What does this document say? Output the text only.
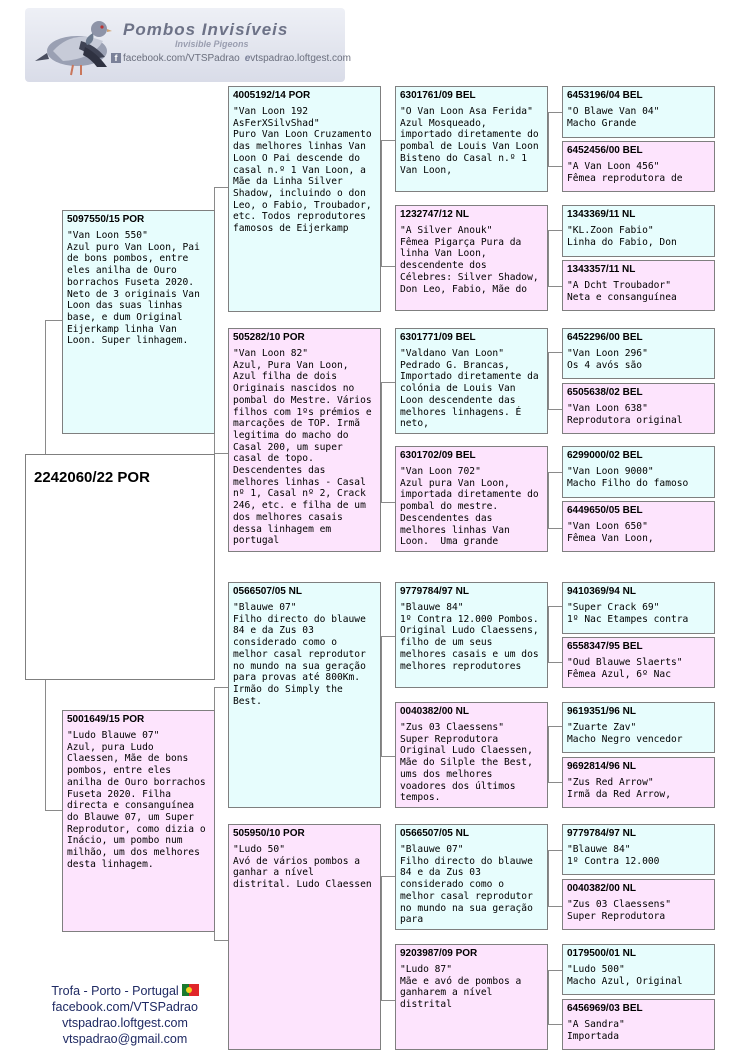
Pombos Invisíveis
Invisible Pigeons
f facebook.com/VTSPadrao evtspadrao.loftgest.com
2242060/22 POR
5097550/15 POR
"Van Loon 550"
Azul puro Van Loon, Pai de bons pombos, entre eles anilha de Ouro borrachos Fuseta 2020. Neto de 3 originais Van Loon das suas linhas base, e dum Original Eijerkamp linha Van Loon. Super linhagem.
5001649/15 POR
"Ludo Blauwe 07"
Azul, pura Ludo Claessen, Mãe de bons pombos, entre eles anilha de Ouro borrachos Fuseta 2020. Filha directa e consanguínea do Blauwe 07, um Super Reprodutor, como dizia o Inácio, um pombo num milhão, um dos melhores desta linhagem.
4005192/14 POR
"Van Loon 192 AsFerXSilvShad"
Puro Van Loon Cruzamento das melhores linhas Van Loon O Pai descende do casal n.º 1 Van Loon, a Mãe da Linha Silver Shadow, incluindo o don Leo, o Fabio, Troubador, etc. Todos reprodutores famosos de Eijerkamp
505282/10 POR
"Van Loon 82"
Azul, Pura Van Loon, Azul filha de dois Originais nascidos no pombal do Mestre. Vários filhos com 1ºs prémios e marcações de TOP. Irmã legitima do macho do Casal 200, um super casal de topo. Descendentes das melhores linhas - Casal nº 1, Casal nº 2, Crack 246, etc. e filha de um dos melhores casais dessa linhagem em portugal
0566507/05 NL
"Blauwe 07"
Filho directo do blauwe 84 e da Zus 03 considerado como o melhor casal reprodutor no mundo na sua geração para provas até 800Km. Irmão do Simply the Best.
505950/10 POR
"Ludo 50"
Avó de vários pombos a ganhar a nível distrital. Ludo Claessen
6301761/09 BEL
"O Van Loon Asa Ferida"
Azul Mosqueado, importado diretamente do pombal de Louis Van Loon Bisteno do Casal n.º 1 Van Loon,
1232747/12 NL
"A Silver Anouk"
Fêmea Pigarça Pura da linha Van Loon, descendente dos Célebres: Silver Shadow, Don Leo, Fabio, Mãe do
6301771/09 BEL
"Valdano Van Loon"
Pedrado G. Brancas, Importado diretamente da colónia de Louis Van Loon descendente das melhores linhagens. É neto,
6301702/09 BEL
"Van Loon 702"
Azul pura Van Loon, importada diretamente do pombal do mestre. Descendentes das melhores linhas Van Loon.  Uma grande
9779784/97 NL
"Blauwe 84"
1º Contra 12.000 Pombos. Original Ludo Claessens, filho de um seus melhores casais e um dos melhores reprodutores
0040382/00 NL
"Zus 03 Claessens"
Super Reprodutora Original Ludo Claessen, Mãe do Silple the Best, ums dos melhores voadores dos últimos tempos.
0566507/05 NL
"Blauwe 07"
Filho directo do blauwe 84 e da Zus 03 considerado como o melhor casal reprodutor no mundo na sua geração para
9203987/09 POR
"Ludo 87"
Mãe e avó de pombos a ganharem a nível distrital
6453196/04 BEL
"O Blawe Van 04"
Macho Grande
6452456/00 BEL
"A Van Loon 456"
Fêmea reprodutora de
1343369/11 NL
"KL.Zoon Fabio"
Linha do Fabio, Don
1343357/11 NL
"A Dcht Troubador"
Neta e consanguínea
6452296/00 BEL
"Van Loon 296"
Os 4 avós são
6505638/02 BEL
"Van Loon 638"
Reprodutora original
6299000/02 BEL
"Van Loon 9000"
Macho Filho do famoso
6449650/05 BEL
"Van Loon 650"
Fêmea Van Loon,
9410369/94 NL
"Super Crack 69"
1º Nac Etampes contra
6558347/95 BEL
"Oud Blauwe Slaerts"
Fêmea Azul, 6º Nac
9619351/96 NL
"Zuarte Zav"
Macho Negro vencedor
9692814/96 NL
"Zus Red Arrow"
Irmã da Red Arrow,
9779784/97 NL
"Blauwe 84"
1º Contra 12.000
0040382/00 NL
"Zus 03 Claessens"
Super Reprodutora
0179500/01 NL
"Ludo 500"
Macho Azul, Original
6456969/03 BEL
"A Sandra"
Importada
Trofa - Porto - Portugal
facebook.com/VTSPadrao
vtspadrao.loftgest.com
vtspadrao@gmail.com
